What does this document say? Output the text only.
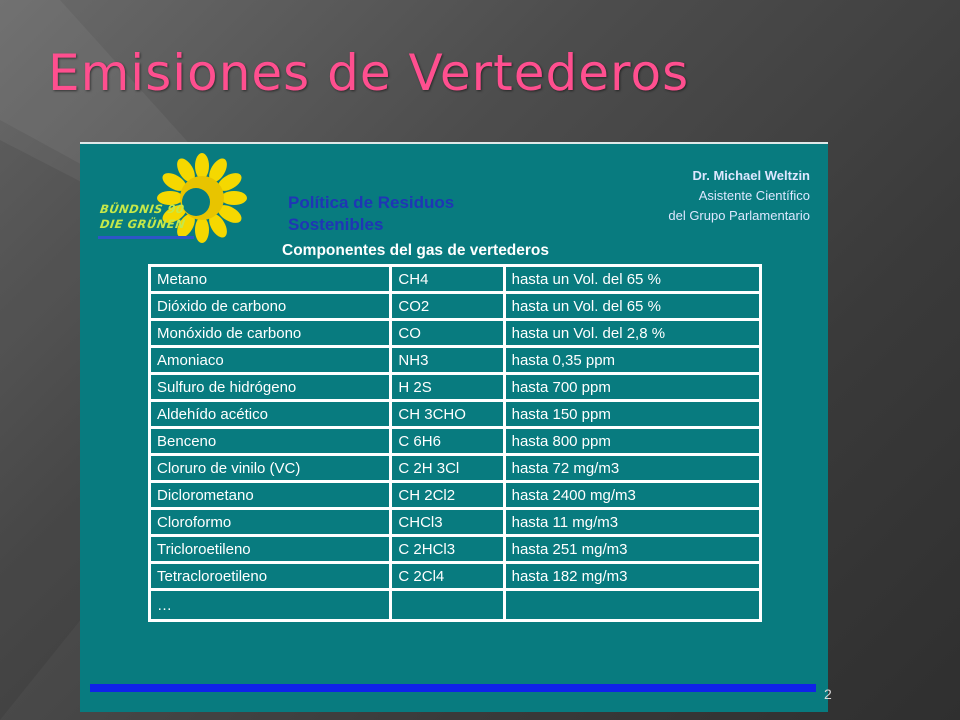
Emisiones de Vertederos
BÜNDNIS 90
DIE GRÜNEN
Política de Residuos
Sostenibles
Dr. Michael Weltzin
Asistente Científico
del Grupo Parlamentario
Componentes del gas de vertederos
Metano	CH4	hasta un Vol. del 65 %
Dióxido de carbono	CO2	hasta un Vol. del 65 %
Monóxido de carbono	CO	hasta un Vol. del 2,8 %
Amoniaco	NH3	hasta 0,35 ppm
Sulfuro de hidrógeno	H 2S	hasta 700 ppm
Aldehído acético	CH 3CHO	hasta 150 ppm
Benceno	C 6H6	hasta 800 ppm
Cloruro de vinilo (VC)	C 2H 3Cl	hasta 72 mg/m3
Diclorometano	CH 2Cl2	hasta 2400 mg/m3
Cloroformo	CHCl3	hasta 11 mg/m3
Tricloroetileno	C 2HCl3	hasta 251 mg/m3
Tetracloroetileno	C 2Cl4	hasta 182 mg/m3
…		
2
